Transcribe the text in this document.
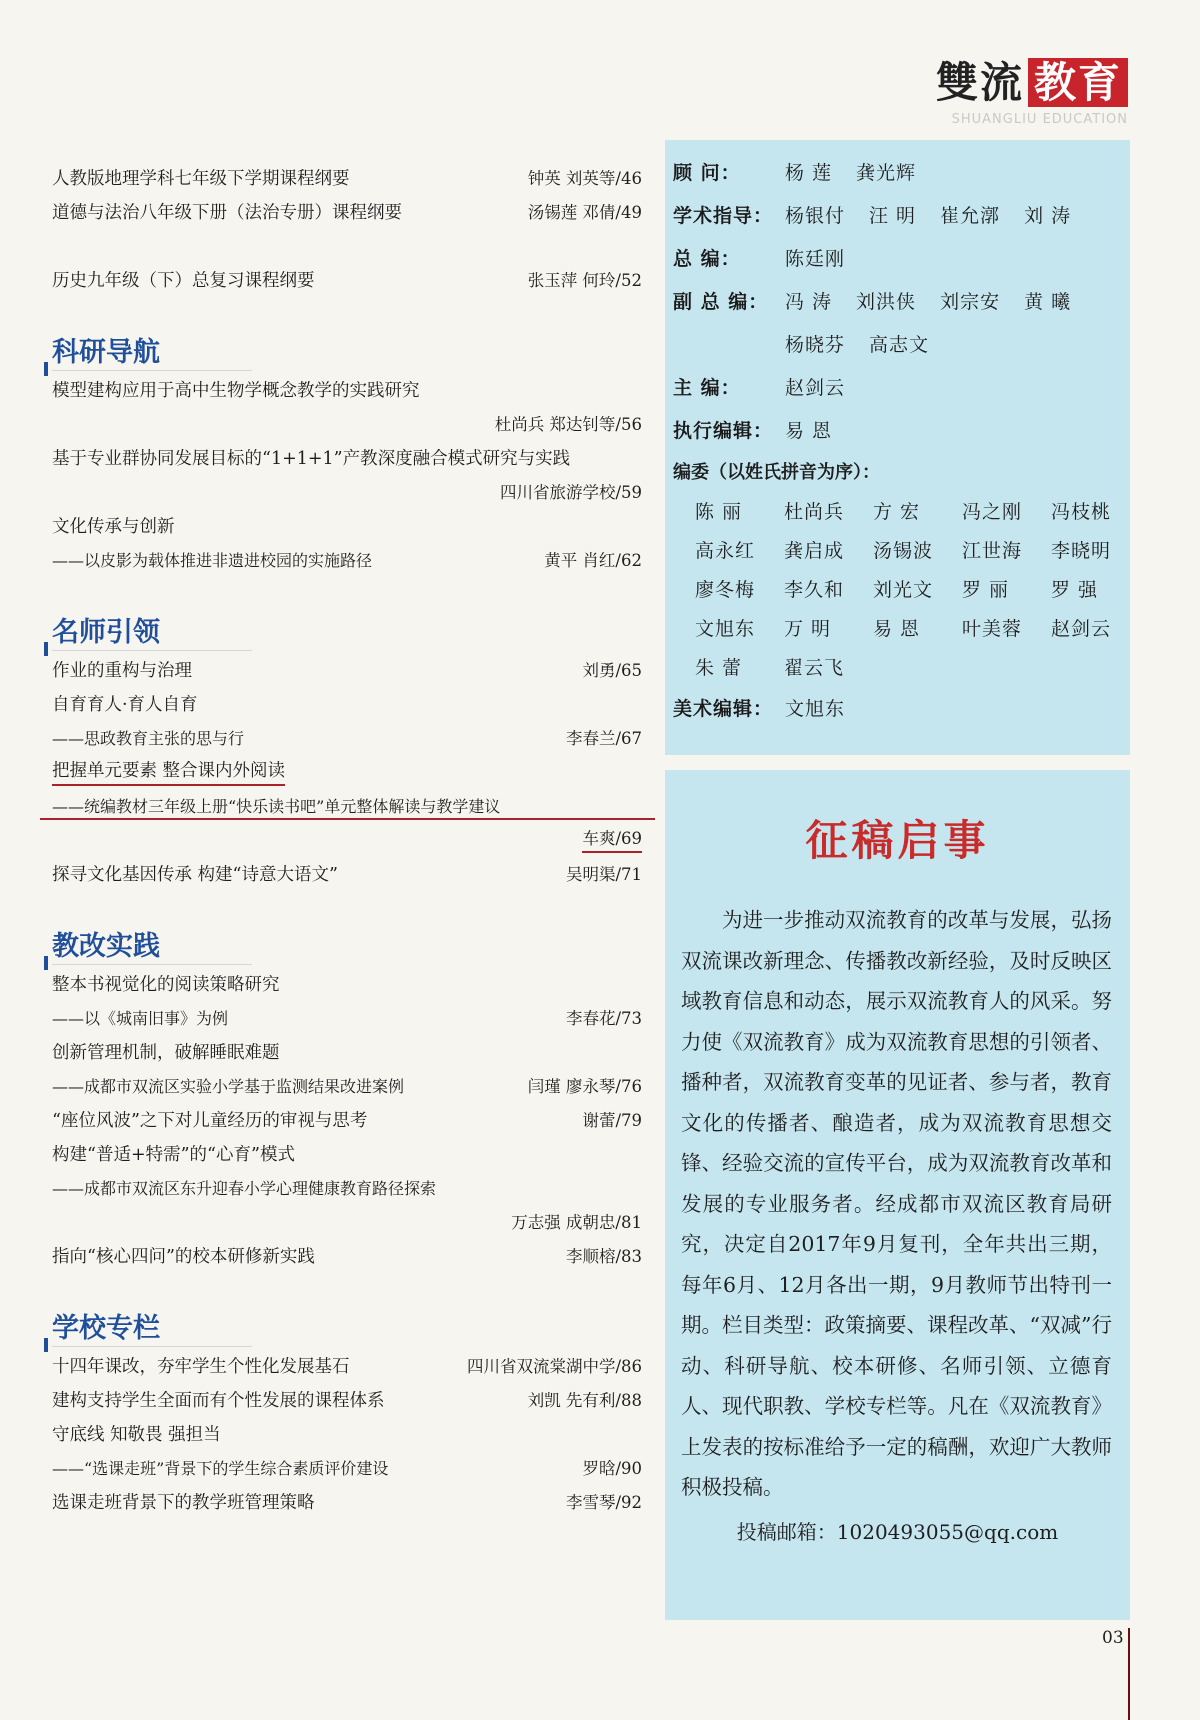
雙流 教育
SHUANGLIU EDUCATION
人教版地理学科七年级下学期课程纲要	钟英 刘英等/46
道德与法治八年级下册（法治专册）课程纲要	汤锡莲 邓倩/49
历史九年级（下）总复习课程纲要	张玉萍 何玲/52
科研导航
模型建构应用于高中生物学概念教学的实践研究
杜尚兵 郑达钊等/56
基于专业群协同发展目标的“1+1+1”产教深度融合模式研究与实践
四川省旅游学校/59
文化传承与创新
——以皮影为载体推进非遗进校园的实施路径	黄平 肖红/62
名师引领
作业的重构与治理	刘勇/65
自育育人·育人自育
——思政教育主张的思与行	李春兰/67
把握单元要素 整合课内外阅读
——统编教材三年级上册“快乐读书吧”单元整体解读与教学建议
车爽/69
探寻文化基因传承 构建“诗意大语文”	吴明渠/71
教改实践
整本书视觉化的阅读策略研究
——以《城南旧事》为例	李春花/73
创新管理机制，破解睡眠难题
——成都市双流区实验小学基于监测结果改进案例	闫瑾 廖永琴/76
“座位风波”之下对儿童经历的审视与思考	谢蕾/79
构建“普适+特需”的“心育”模式
——成都市双流区东升迎春小学心理健康教育路径探索
万志强 成朝忠/81
指向“核心四问”的校本研修新实践	李顺榕/83
学校专栏
十四年课改，夯牢学生个性化发展基石	四川省双流棠湖中学/86
建构支持学生全面而有个性发展的课程体系	刘凯 先有利/88
守底线 知敬畏 强担当
——“选课走班”背景下的学生综合素质评价建设	罗晗/90
选课走班背景下的教学班管理策略	李雪琴/92
顾 问：	杨 莲 龚光辉
学术指导： 杨银付 汪 明 崔允漷 刘 涛
总 编：	陈廷刚
副 总 编： 冯 涛 刘洪侠 刘宗安 黄 曦
杨晓芬 高志文
主 编：	赵剑云
执行编辑： 易 恩
编委（以姓氏拼音为序）：
陈 丽	杜尚兵	方 宏	冯之刚	冯枝桃
高永红	龚启成	汤锡波	江世海	李晓明
廖冬梅	李久和	刘光文	罗 丽	罗 强
文旭东	万 明	易 恩	叶美蓉	赵剑云
朱 蕾	翟云飞
美术编辑： 文旭东
征稿启事
为进一步推动双流教育的改革与发展，弘扬双流课改新理念、传播教改新经验，及时反映区域教育信息和动态，展示双流教育人的风采。努力使《双流教育》成为双流教育思想的引领者、播种者，双流教育变革的见证者、参与者，教育文化的传播者、酿造者，成为双流教育思想交锋、经验交流的宣传平台，成为双流教育改革和发展的专业服务者。经成都市双流区教育局研究，决定自2017年9月复刊，全年共出三期，每年6月、12月各出一期，9月教师节出特刊一期。栏目类型：政策摘要、课程改革、“双减”行动、科研导航、校本研修、名师引领、立德育人、现代职教、学校专栏等。凡在《双流教育》上发表的按标准给予一定的稿酬，欢迎广大教师积极投稿。
投稿邮箱：1020493055@qq.com
03
